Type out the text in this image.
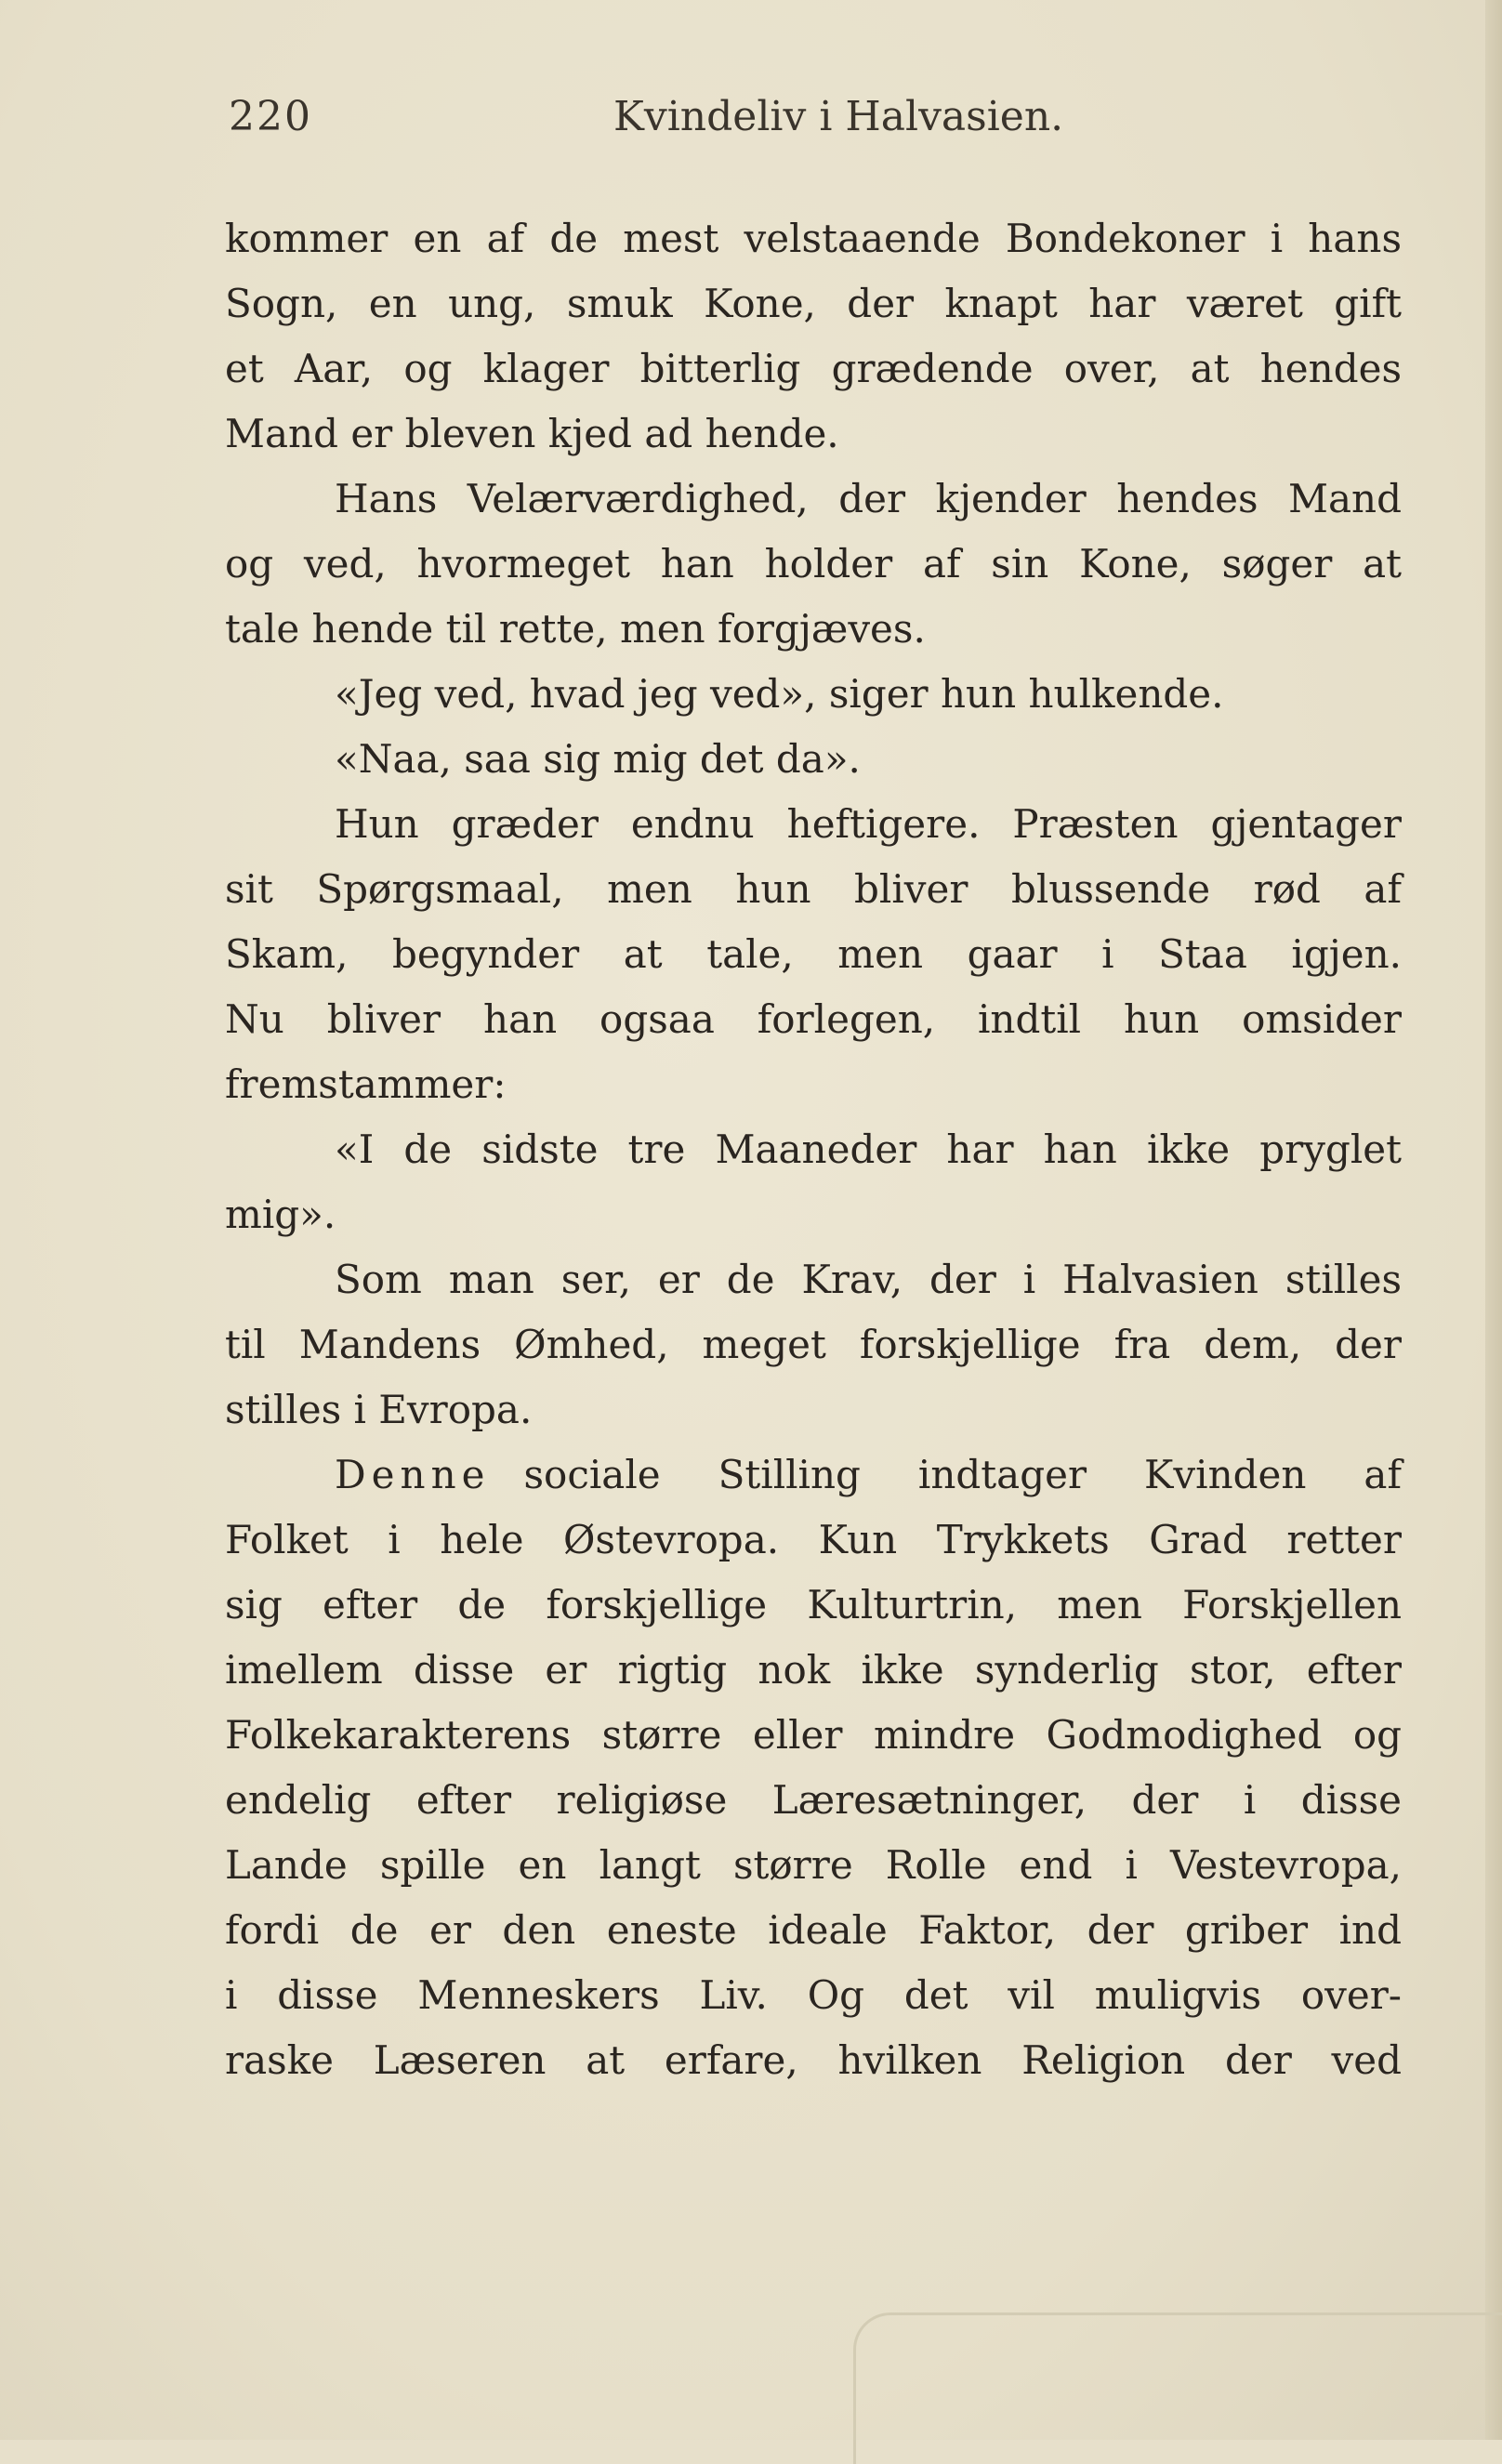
220	Kvindeliv i Halvasien.
kommer en af de mest velstaaende Bondekoner i hans
Sogn, en ung, smuk Kone, der knapt har været gift
et Aar, og klager bitterlig grædende over, at hendes
Mand er bleven kjed ad hende.
Hans Velærværdighed, der kjender hendes Mand
og ved, hvormeget han holder af sin Kone, søger at
tale hende til rette, men forgjæves.
«Jeg ved, hvad jeg ved», siger hun hulkende.
«Naa, saa sig mig det da».
Hun græder endnu heftigere. Præsten gjentager
sit Spørgsmaal, men hun bliver blussende rød af
Skam, begynder at tale, men gaar i Staa igjen.
Nu bliver han ogsaa forlegen, indtil hun omsider
fremstammer:
«I de sidste tre Maaneder har han ikke pryglet
mig».
Som man ser, er de Krav, der i Halvasien stilles
til Mandens Ømhed, meget forskjellige fra dem, der
stilles i Evropa.
Denne sociale Stilling indtager Kvinden af
Folket i hele Østevropa. Kun Trykkets Grad retter
sig efter de forskjellige Kulturtrin, men Forskjellen
imellem disse er rigtig nok ikke synderlig stor, efter
Folkekarakterens større eller mindre Godmodighed og
endelig efter religiøse Læresætninger, der i disse
Lande spille en langt større Rolle end i Vestevropa,
fordi de er den eneste ideale Faktor, der griber ind
i disse Menneskers Liv. Og det vil muligvis over-
raske Læseren at erfare, hvilken Religion der ved
